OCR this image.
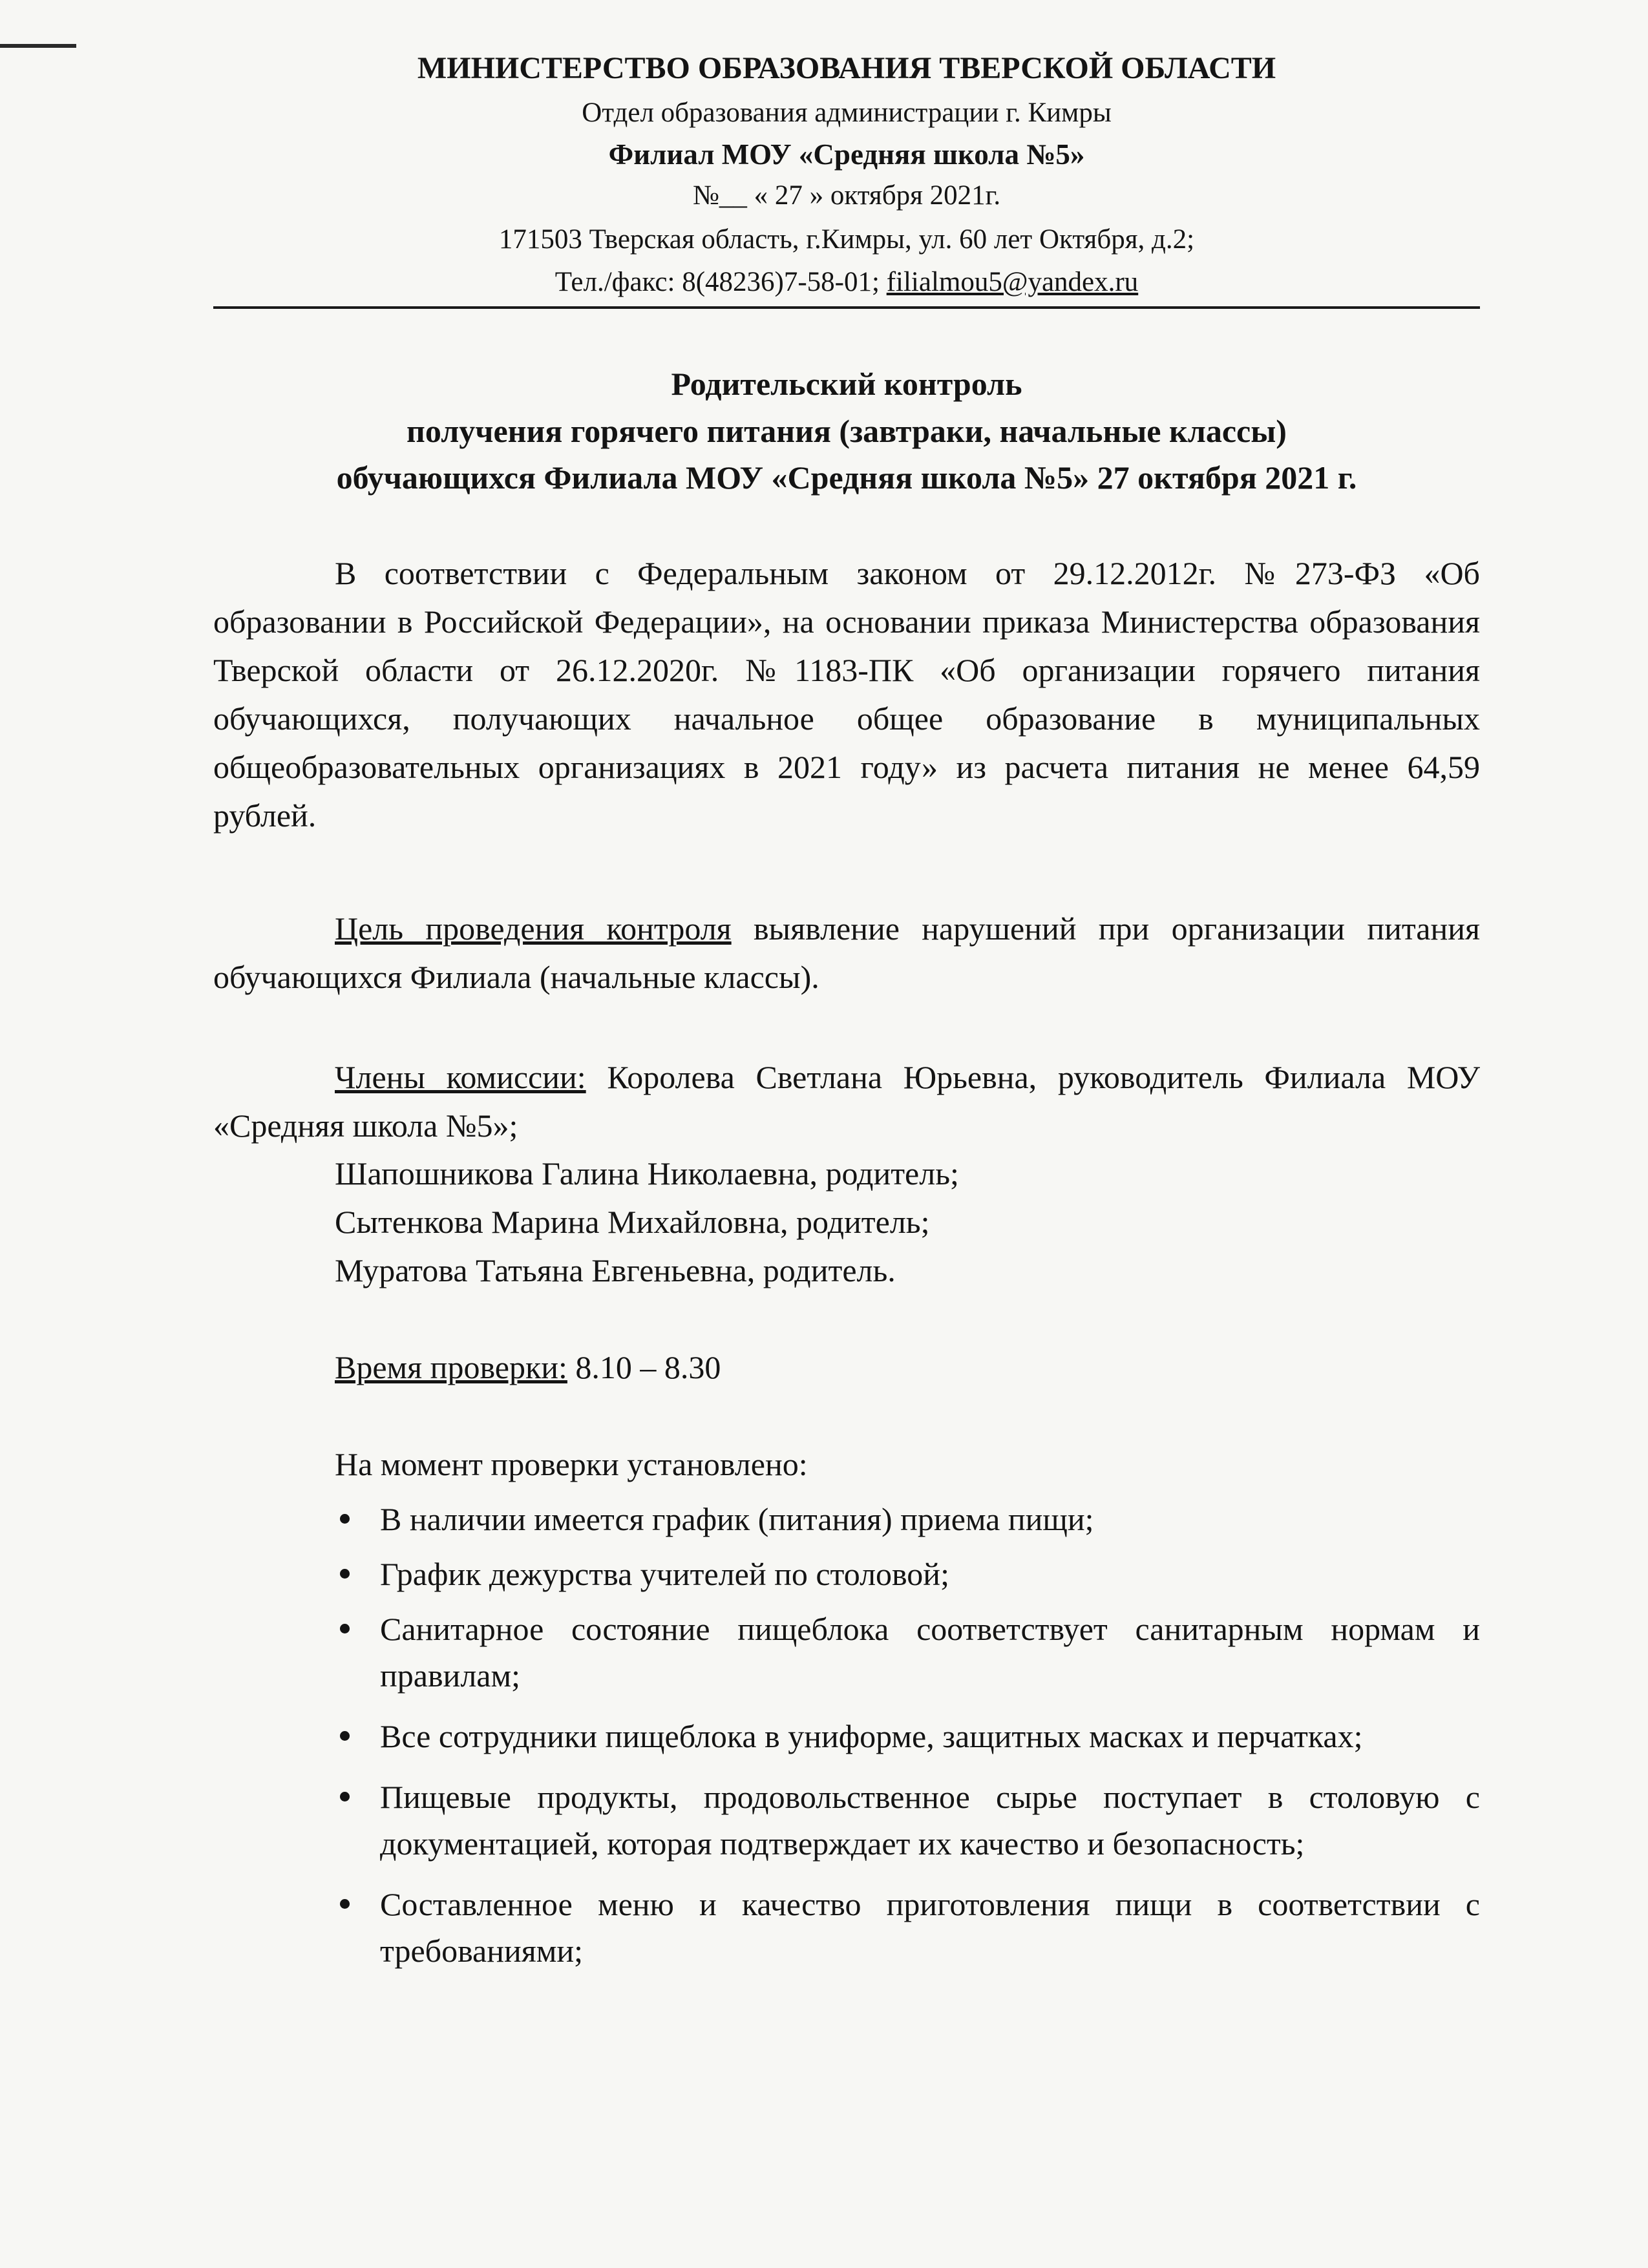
МИНИСТЕРСТВО ОБРАЗОВАНИЯ ТВЕРСКОЙ ОБЛАСТИ
Отдел образования администрации г. Кимры
Филиал МОУ «Средняя школа №5»
№__ « 27 » октября 2021г.
171503 Тверская область, г.Кимры, ул. 60 лет Октября, д.2;
Тел./факс: 8(48236)7-58-01; filialmou5@yandex.ru
Родительский контроль
получения горячего питания (завтраки, начальные классы)
обучающихся Филиала МОУ «Средняя школа №5» 27 октября 2021 г.

В соответствии с Федеральным законом от 29.12.2012г. №273-ФЗ «Об образовании в Российской Федерации», на основании приказа Министерства образования Тверской области от 26.12.2020г. №1183-ПК «Об организации горячего питания обучающихся, получающих начальное общее образование в муниципальных общеобразовательных организациях в 2021 году» из расчета питания не менее 64,59 рублей.

Цель проведения контроля выявление нарушений при организации питания обучающихся Филиала (начальные классы).

Члены комиссии: Королева Светлана Юрьевна, руководитель Филиала МОУ «Средняя школа №5»;

Шапошникова Галина Николаевна, родитель;
Сытенкова Марина Михайловна, родитель;
Муратова Татьяна Евгеньевна, родитель.
Время проверки: 8.10 – 8.30
На момент проверки установлено:
В наличии имеется график (питания) приема пищи;
График дежурства учителей по столовой;
Санитарное состояние пищеблока соответствует санитарным нормам и правилам;
Все сотрудники пищеблока в униформе, защитных масках и перчатках;
Пищевые продукты, продовольственное сырье поступает в столовую с документацией, которая подтверждает их качество и безопасность;
Составленное меню и качество приготовления пищи в соответствии с требованиями;
